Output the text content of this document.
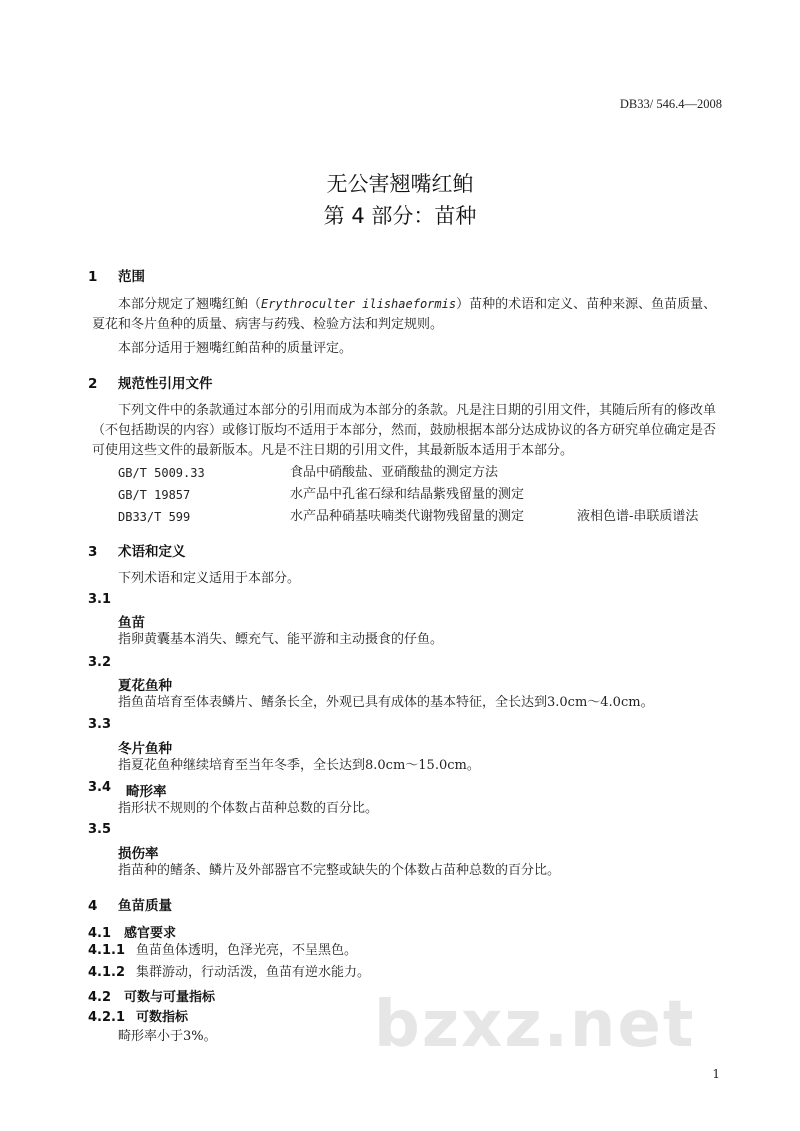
DB33/ 546.4—2008
无公害翘嘴红鲌
第 4 部分：苗种
1 范围
本部分规定了翘嘴红鲌（Erythroculter ilishaeformis）苗种的术语和定义、苗种来源、鱼苗质量、夏花和冬片鱼种的质量、病害与药残、检验方法和判定规则。
本部分适用于翘嘴红鲌苗种的质量评定。
2 规范性引用文件
下列文件中的条款通过本部分的引用而成为本部分的条款。凡是注日期的引用文件，其随后所有的修改单（不包括勘误的内容）或修订版均不适用于本部分，然而，鼓励根据本部分达成协议的各方研究单位确定是否可使用这些文件的最新版本。凡是不注日期的引用文件，其最新版本适用于本部分。
GB/T 5009.33	食品中硝酸盐、亚硝酸盐的测定方法
GB/T 19857	水产品中孔雀石绿和结晶紫残留量的测定
DB33/T 599	水产品种硝基呋喃类代谢物残留量的测定	液相色谱-串联质谱法
3 术语和定义
下列术语和定义适用于本部分。
3.1
鱼苗
指卵黄囊基本消失、鳔充气、能平游和主动摄食的仔鱼。
3.2
夏花鱼种
指鱼苗培育至体表鳞片、鳍条长全，外观已具有成体的基本特征，全长达到3.0cm～4.0cm。
3.3
冬片鱼种
指夏花鱼种继续培育至当年冬季，全长达到8.0cm～15.0cm。
3.4 畸形率
指形状不规则的个体数占苗种总数的百分比。
3.5
损伤率
指苗种的鳍条、鳞片及外部器官不完整或缺失的个体数占苗种总数的百分比。
4 鱼苗质量
4.1 感官要求
4.1.1 鱼苗鱼体透明，色泽光亮，不呈黑色。
4.1.2 集群游动，行动活泼，鱼苗有逆水能力。
4.2 可数与可量指标
4.2.1 可数指标
畸形率小于3%。 bzxz.net
1
